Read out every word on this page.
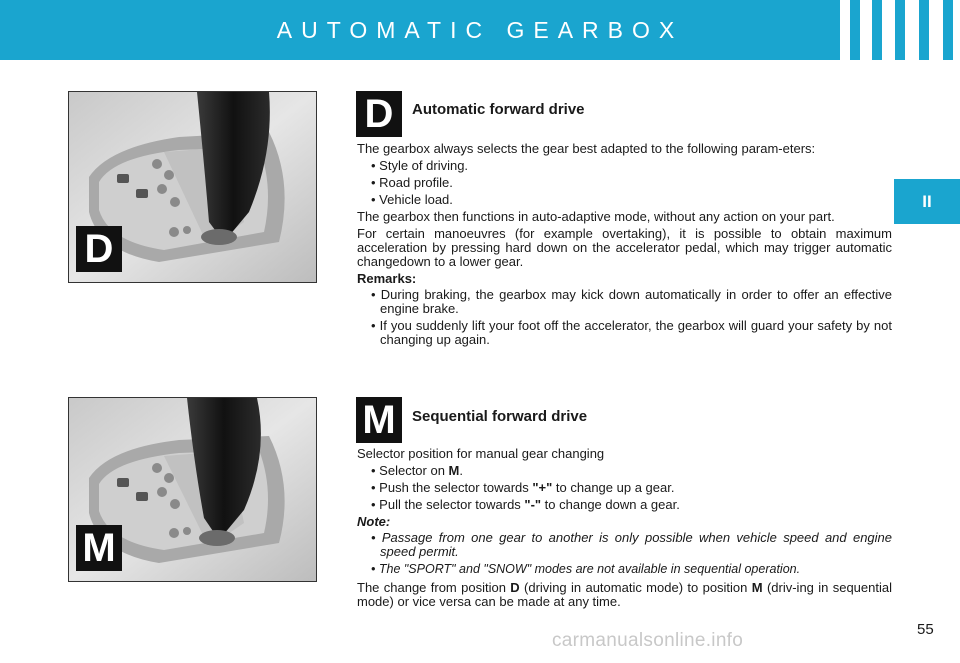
AUTOMATIC GEARBOX
II
D
M
D	Automatic forward drive

The gearbox always selects the gear best adapted to the following param-eters:

• Style of driving.
• Road profile.
• Vehicle load.

The gearbox then functions in auto-adaptive mode, without any action on your part.

For certain manoeuvres (for example overtaking), it is possible to obtain maximum acceleration by pressing hard down on the accelerator pedal, which may trigger automatic changedown to a lower gear.

Remarks:
• During braking, the gearbox may kick down automatically in order to offer an effective engine brake.
• If you suddenly lift your foot off the accelerator, the gearbox will guard your safety by not changing up again.
M	Sequential forward drive

Selector position for manual gear changing

• Selector on M.
• Push the selector towards "+" to change up a gear.
• Pull the selector towards "-" to change down a gear.
Note:
• Passage from one gear to another is only possible when vehicle speed and engine speed permit.
• The "SPORT" and "SNOW" modes are not available in sequential operation.

The change from position D (driving in automatic mode) to position M (driv-ing in sequential mode) or vice versa can be made at any time.

55
carmanualsonline.info
